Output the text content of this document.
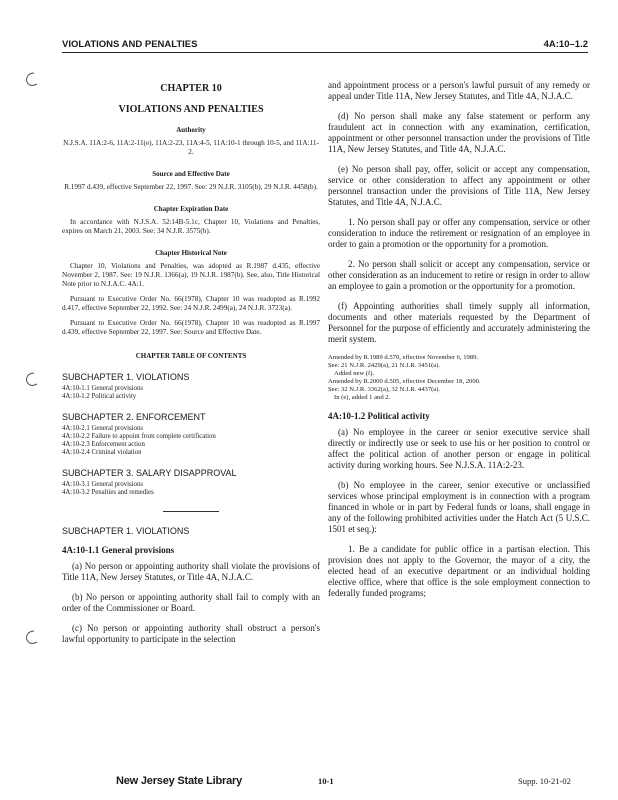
VIOLATIONS AND PENALTIES	4A:10–1.2
CHAPTER 10
VIOLATIONS AND PENALTIES
Authority
N.J.S.A. 11A:2-6, 11A:2-11(e), 11A:2-23, 11A:4-5, 11A:10-1 through 10-5, and 11A:11-2.
Source and Effective Date
R.1997 d.439, effective September 22, 1997. See: 29 N.J.R. 3105(b), 29 N.J.R. 4458(b).
Chapter Expiration Date
In accordance with N.J.S.A. 52:14B-5.1c, Chapter 10, Violations and Penalties, expires on March 21, 2003. See: 34 N.J.R. 3575(b).
Chapter Historical Note

Chapter 10, Violations and Penalties, was adopted as R.1987 d.435, effective November 2, 1987. See: 19 N.J.R. 1366(a), 19 N.J.R. 1987(b). See, also, Title Historical Note prior to N.J.A.C. 4A:1.

Pursuant to Executive Order No. 66(1978), Chapter 10 was readopted as R.1992 d.417, effective September 22, 1992. See: 24 N.J.R. 2499(a), 24 N.J.R. 3723(a).

Pursuant to Executive Order No. 66(1978), Chapter 10 was readopted as R.1997 d.439, effective September 22, 1997. See: Source and Effective Date.

CHAPTER TABLE OF CONTENTS
SUBCHAPTER 1. VIOLATIONS
4A:10-1.1 General provisions
4A:10-1.2 Political activity
SUBCHAPTER 2. ENFORCEMENT
4A:10-2.1 General provisions
4A:10-2.2 Failure to appoint from complete certification
4A:10-2.3 Enforcement action
4A:10-2.4 Criminal violation
SUBCHAPTER 3. SALARY DISAPPROVAL
4A:10-3.1 General provisions
4A:10-3.2 Penalties and remedies
SUBCHAPTER 1. VIOLATIONS
4A:10-1.1 General provisions

(a) No person or appointing authority shall violate the provisions of Title 11A, New Jersey Statutes, or Title 4A, N.J.A.C.

(b) No person or appointing authority shall fail to comply with an order of the Commissioner or Board.

(c) No person or appointing authority shall obstruct a person's lawful opportunity to participate in the selection

and appointment process or a person's lawful pursuit of any remedy or appeal under Title 11A, New Jersey Statutes, and Title 4A, N.J.A.C.

(d) No person shall make any false statement or perform any fraudulent act in connection with any examination, certification, appointment or other personnel transaction under the provisions of Title 11A, New Jersey Statutes, and Title 4A, N.J.A.C.

(e) No person shall pay, offer, solicit or accept any compensation, service or other consideration to affect any appointment or other personnel transaction under the provisions of Title 11A, New Jersey Statutes, and Title 4A, N.J.A.C.

1. No person shall pay or offer any compensation, service or other consideration to induce the retirement or resignation of an employee in order to gain a promotion or the opportunity for a promotion.

2. No person shall solicit or accept any compensation, service or other consideration as an inducement to retire or resign in order to allow an employee to gain a promotion or the opportunity for a promotion.

(f) Appointing authorities shall timely supply all information, documents and other materials requested by the Department of Personnel for the purpose of efficiently and accurately administering the merit system.

Amended by R.1989 d.570, effective November 6, 1989.
See: 21 N.J.R. 2429(a), 21 N.J.R. 3451(a).
Added new (f).
Amended by R.2000 d.505, effective December 18, 2000.
See: 32 N.J.R. 3362(a), 32 N.J.R. 4437(a).
In (e), added 1 and 2.
4A:10-1.2 Political activity

(a) No employee in the career or senior executive service shall directly or indirectly use or seek to use his or her position to control or affect the political action of another person or engage in political activity during working hours. See N.J.S.A. 11A:2-23.

(b) No employee in the career, senior executive or unclassified services whose principal employment is in connection with a program financed in whole or in part by Federal funds or loans, shall engage in any of the following prohibited activities under the Hatch Act (5 U.S.C. 1501 et seq.):

1. Be a candidate for public office in a partisan election. This provision does not apply to the Governor, the mayor of a city, the elected head of an executive department or an individual holding elective office, where that office is the sole employment connection to federally funded programs;

New Jersey State Library	10-1	Supp. 10-21-02
